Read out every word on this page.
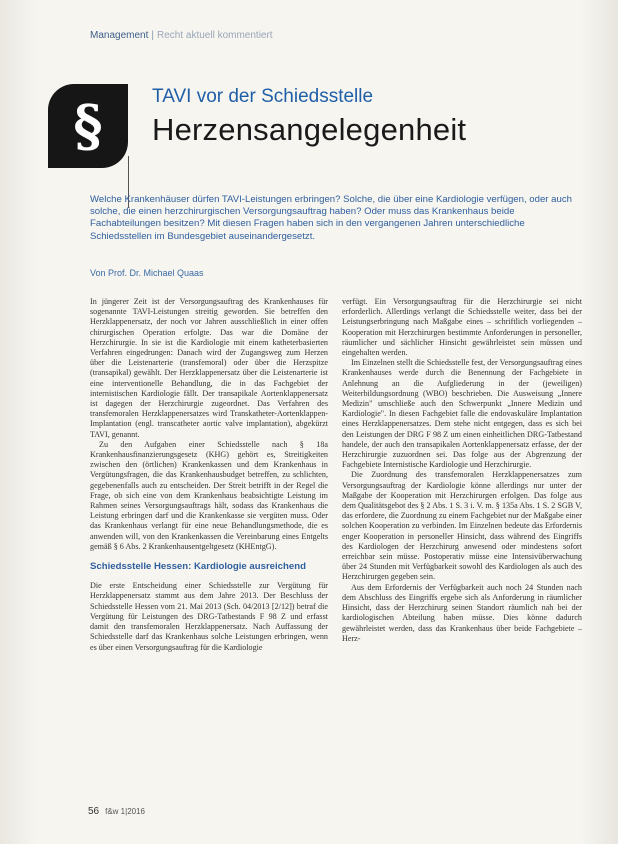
Management | Recht aktuell kommentiert
§	TAVI vor der Schiedsstelle
Herzensangelegenheit
Welche Krankenhäuser dürfen TAVI-Leistungen erbringen? Solche, die über eine Kardiologie verfügen, oder auch solche, die einen herzchirurgischen Versorgungsauftrag haben? Oder muss das Krankenhaus beide Fachabteilungen besitzen? Mit diesen Fragen haben sich in den vergangenen Jahren unterschiedliche Schiedsstellen im Bundesgebiet auseinandergesetzt.
Von Prof. Dr. Michael Quaas

In jüngerer Zeit ist der Versorgungsauftrag des Krankenhauses für sogenannte TAVI-Leistungen streitig geworden. Sie betreffen den Herzklappenersatz, der noch vor Jahren ausschließlich in einer offen chirurgischen Operation erfolgte. Das war die Domäne der Herzchirurgie. In sie ist die Kardiologie mit einem katheterbasierten Verfahren eingedrungen: Danach wird der Zugangsweg zum Herzen über die Leistenarterie (transfemoral) oder über die Herzspitze (transapikal) gewählt. Der Herzklappenersatz über die Leistenarterie ist eine interventionelle Behandlung, die in das Fachgebiet der internistischen Kardiologie fällt. Der transapikale Aortenklappenersatz ist dagegen der Herzchirurgie zugeordnet. Das Verfahren des transfemoralen Herzklappenersatzes wird Transkatheter-Aortenklappen-Implantation (engl. transcatheter aortic valve implantation), abgekürzt TAVI, genannt.

Zu den Aufgaben einer Schiedsstelle nach § 18a Krankenhausfinanzierungsgesetz (KHG) gehört es, Streitigkeiten zwischen den (örtlichen) Krankenkassen und dem Krankenhaus in Vergütungsfragen, die das Krankenhausbudget betreffen, zu schlichten, gegebenenfalls auch zu entscheiden. Der Streit betrifft in der Regel die Frage, ob sich eine von dem Krankenhaus beabsichtigte Leistung im Rahmen seines Versorgungsauftrags hält, sodass das Krankenhaus die Leistung erbringen darf und die Krankenkasse sie vergüten muss. Oder das Krankenhaus verlangt für eine neue Behandlungsmethode, die es anwenden will, von den Krankenkassen die Vereinbarung eines Entgelts gemäß § 6 Abs. 2 Krankenhausentgeltgesetz (KHEntgG).

Schiedsstelle Hessen: Kardiologie ausreichend

Die erste Entscheidung einer Schiedsstelle zur Vergütung für Herzklappenersatz stammt aus dem Jahre 2013. Der Beschluss der Schiedsstelle Hessen vom 21. Mai 2013 (Sch. 04/2013 [2/12]) betraf die Vergütung für Leistungen des DRG-Tatbestands F 98 Z und erfasst damit den transfemoralen Herzklappenersatz. Nach Auffassung der Schiedsstelle darf das Krankenhaus solche Leistungen erbringen, wenn es über einen Versorgungsauftrag für die Kardiologie

verfügt. Ein Versorgungsauftrag für die Herzchirurgie sei nicht erforderlich. Allerdings verlangt die Schiedsstelle weiter, dass bei der Leistungserbringung nach Maßgabe eines – schriftlich vorliegenden – Kooperation mit Herzchirurgen bestimmte Anforderungen in personeller, räumlicher und sächlicher Hinsicht gewährleistet sein müssen und eingehalten werden.

Im Einzelnen stellt die Schiedsstelle fest, der Versorgungsauftrag eines Krankenhauses werde durch die Benennung der Fachgebiete in Anlehnung an die Aufgliederung in der (jeweiligen) Weiterbildungsordnung (WBO) beschrieben. Die Ausweisung „Innere Medizin" umschließe auch den Schwerpunkt „Innere Medizin und Kardiologie". In diesen Fachgebiet falle die endovaskuläre Implantation eines Herzklappenersatzes. Dem stehe nicht entgegen, dass es sich bei den Leistungen der DRG F 98 Z um einen einheitlichen DRG-Tatbestand handele, der auch den transapikalen Aortenklappenersatz erfasse, der der Herzchirurgie zuzuordnen sei. Das folge aus der Abgrenzung der Fachgebiete Internistische Kardiologie und Herzchirurgie.

Die Zuordnung des transfemoralen Herzklappenersatzes zum Versorgungsauftrag der Kardiologie könne allerdings nur unter der Maßgabe der Kooperation mit Herzchirurgen erfolgen. Das folge aus dem Qualitätsgebot des § 2 Abs. 1 S. 3 i. V. m. § 135a Abs. 1 S. 2 SGB V, das erfordere, die Zuordnung zu einem Fachgebiet nur der Maßgabe einer solchen Kooperation zu verbinden. Im Einzelnen bedeute das Erfordernis enger Kooperation in personeller Hinsicht, dass während des Eingriffs des Kardiologen der Herzchirurg anwesend oder mindestens sofort erreichbar sein müsse. Postoperativ müsse eine Intensivüberwachung über 24 Stunden mit Verfügbarkeit sowohl des Kardiologen als auch des Herzchirurgen gegeben sein.

Aus dem Erfordernis der Verfügbarkeit auch noch 24 Stunden nach dem Abschluss des Eingriffs ergebe sich als Anforderung in räumlicher Hinsicht, dass der Herzchirurg seinen Standort räumlich nah bei der kardiologischen Abteilung haben müsse. Dies könne dadurch gewährleistet werden, dass das Krankenhaus über beide Fachgebiete – Herz-

56 f&w 1|2016
